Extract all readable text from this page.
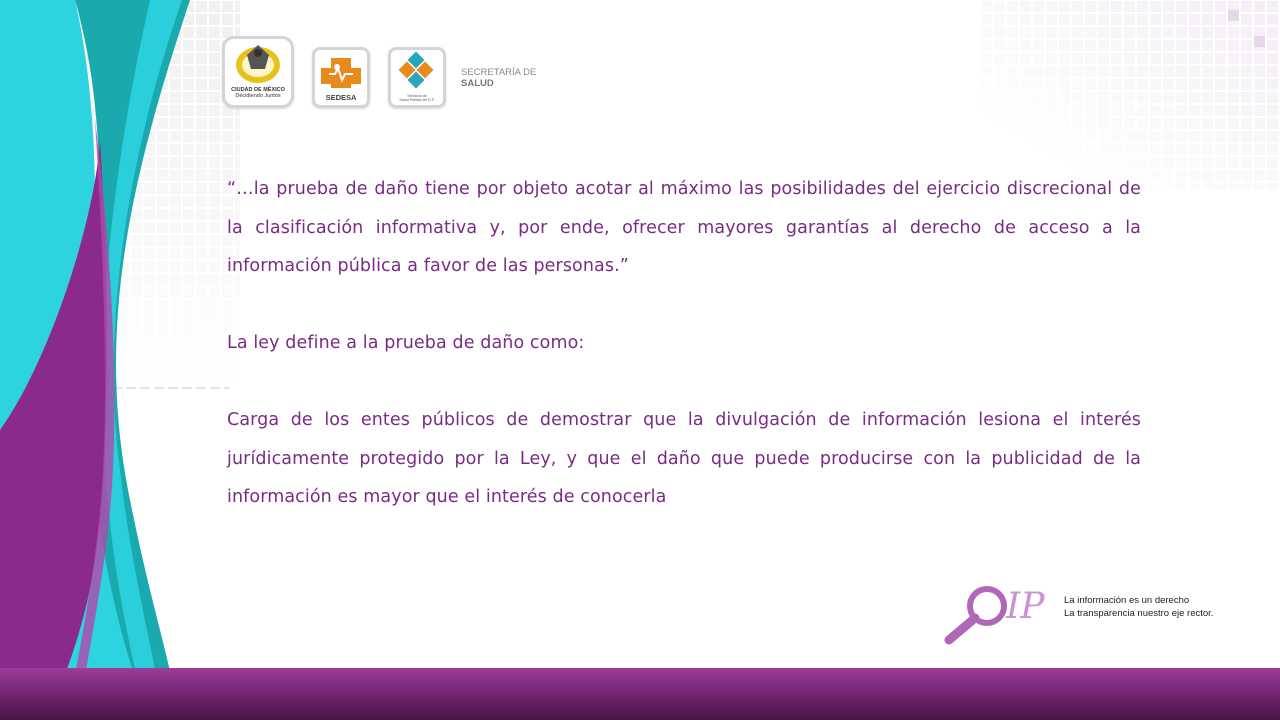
CIUDAD DE MÉXICO
Decidiendo Juntos	SEDESA	Servicios de
Salud Pública del D.F.
SECRETARÍA DE
SALUD
“…la prueba de daño tiene por objeto acotar al máximo las posibilidades del ejercicio discrecional de la clasificación informativa y, por ende, ofrecer mayores garantías al derecho de acceso a la información pública a favor de las personas.”
La ley define a la prueba de daño como:
Carga de los entes públicos de demostrar que la divulgación de información lesiona el interés jurídicamente protegido por la Ley, y que el daño que puede producirse con la publicidad de la información es mayor que el interés de conocerla
IP La información es un derecho
La transparencia nuestro eje rector.
